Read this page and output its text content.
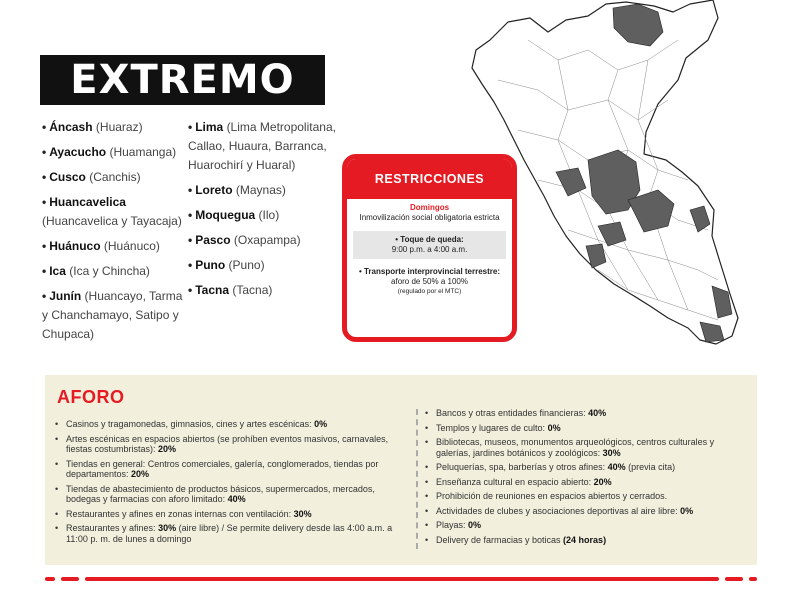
EXTREMO
• Áncash (Huaraz)
• Ayacucho (Huamanga)
• Cusco (Canchis)
• Huancavelica (Huancavelica y Tayacaja)
• Huánuco (Huánuco)
• Ica (Ica y Chincha)
• Junín (Huancayo, Tarma y Chanchamayo, Satipo y Chupaca)
• Lima (Lima Metropolitana, Callao, Huaura, Barranca, Huarochirí y Huaral)
• Loreto (Maynas)
• Moquegua (Ilo)
• Pasco (Oxapampa)
• Puno (Puno)
• Tacna (Tacna)
RESTRICCIONES
Domingos
Inmovilización social obligatoria estricta
• Toque de queda:
9:00 p.m. a 4:00 a.m.
• Transporte interprovincial terrestre:
aforo de 50% a 100%
(regulado por el MTC)
AFORO
• Casinos y tragamonedas, gimnasios, cines y artes escénicas: 0%
• Artes escénicas en espacios abiertos (se prohíben eventos masivos, carnavales, fiestas costumbristas): 20%
• Tiendas en general: Centros comerciales, galería, conglomerados, tiendas por departamentos: 20%
• Tiendas de abastecimiento de productos básicos, supermercados, mercados, bodegas y farmacias con aforo limitado: 40%
• Restaurantes y afines en zonas internas con ventilación: 30%
• Restaurantes y afines: 30% (aire libre) / Se permite delivery desde las 4:00 a.m. a 11:00 p. m. de lunes a domingo
• Bancos y otras entidades financieras: 40%
• Templos y lugares de culto: 0%
• Bibliotecas, museos, monumentos arqueológicos, centros culturales y galerías, jardines botánicos y zoológicos: 30%
• Peluquerías, spa, barberías y otros afines: 40% (previa cita)
• Enseñanza cultural en espacio abierto: 20%
• Prohibición de reuniones en espacios abiertos y cerrados.
• Actividades de clubes y asociaciones deportivas al aire libre: 0%
• Playas: 0%
• Delivery de farmacias y boticas (24 horas)
